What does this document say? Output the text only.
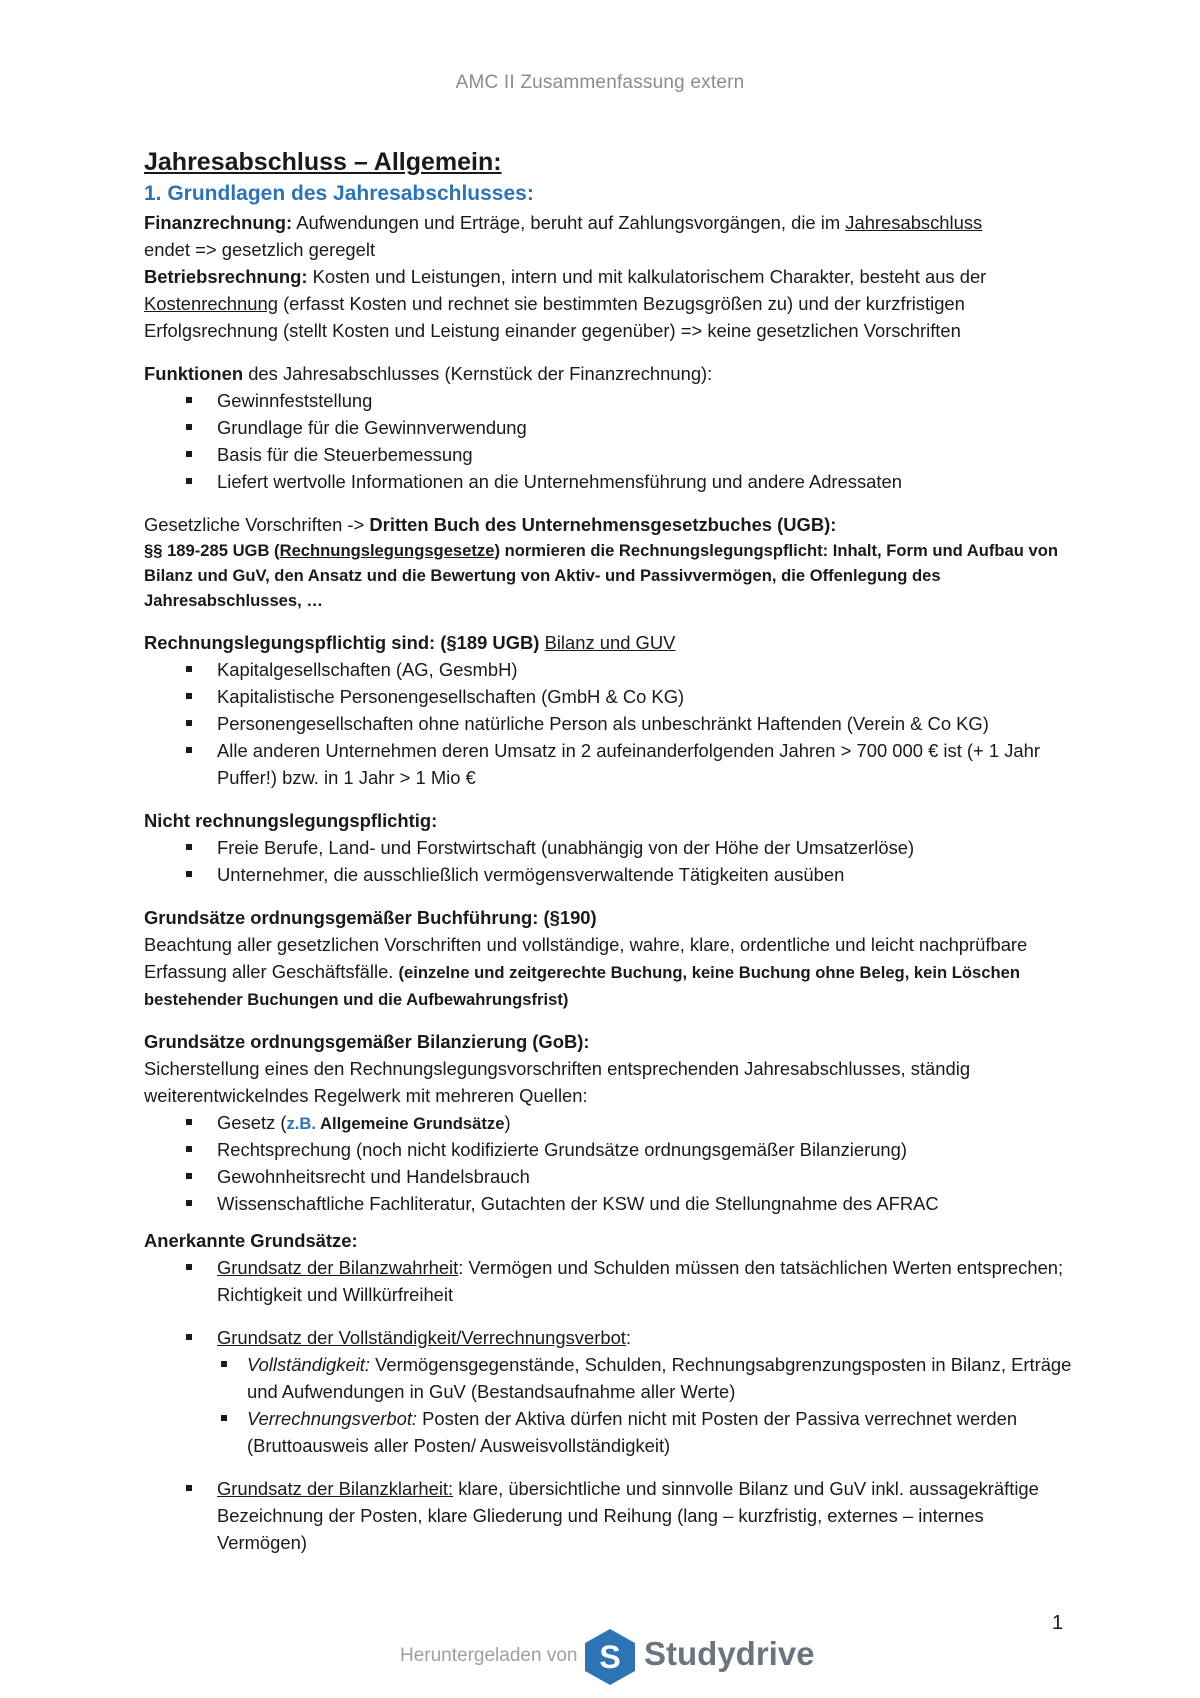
AMC II Zusammenfassung extern
Jahresabschluss – Allgemein:
1. Grundlagen des Jahresabschlusses:

Finanzrechnung: Aufwendungen und Erträge, beruht auf Zahlungsvorgängen, die im Jahresabschluss
endet => gesetzlich geregelt

Betriebsrechnung: Kosten und Leistungen, intern und mit kalkulatorischem Charakter, besteht aus der Kostenrechnung (erfasst Kosten und rechnet sie bestimmten Bezugsgrößen zu) und der kurzfristigen Erfolgsrechnung (stellt Kosten und Leistung einander gegenüber) => keine gesetzlichen Vorschriften

Funktionen des Jahresabschlusses (Kernstück der Finanzrechnung):

Gewinnfeststellung
Grundlage für die Gewinnverwendung
Basis für die Steuerbemessung
Liefert wertvolle Informationen an die Unternehmensführung und andere Adressaten

Gesetzliche Vorschriften -> Dritten Buch des Unternehmensgesetzbuches (UGB):

§§ 189-285 UGB (Rechnungslegungsgesetze) normieren die Rechnungslegungspflicht: Inhalt, Form und Aufbau von Bilanz und GuV, den Ansatz und die Bewertung von Aktiv- und Passivvermögen, die Offenlegung des Jahresabschlusses, …

Rechnungslegungspflichtig sind: (§189 UGB) Bilanz und GUV

Kapitalgesellschaften (AG, GesmbH)
Kapitalistische Personengesellschaften (GmbH & Co KG)
Personengesellschaften ohne natürliche Person als unbeschränkt Haftenden (Verein & Co KG)
Alle anderen Unternehmen deren Umsatz in 2 aufeinanderfolgenden Jahren > 700 000 € ist (+ 1 Jahr Puffer!) bzw. in 1 Jahr > 1 Mio €

Nicht rechnungslegungspflichtig:

Freie Berufe, Land- und Forstwirtschaft (unabhängig von der Höhe der Umsatzerlöse)
Unternehmer, die ausschließlich vermögensverwaltende Tätigkeiten ausüben

Grundsätze ordnungsgemäßer Buchführung: (§190)

Beachtung aller gesetzlichen Vorschriften und vollständige, wahre, klare, ordentliche und leicht nachprüfbare Erfassung aller Geschäftsfälle. (einzelne und zeitgerechte Buchung, keine Buchung ohne Beleg, kein Löschen bestehender Buchungen und die Aufbewahrungsfrist)

Grundsätze ordnungsgemäßer Bilanzierung (GoB):

Sicherstellung eines den Rechnungslegungsvorschriften entsprechenden Jahresabschlusses, ständig weiterentwickelndes Regelwerk mit mehreren Quellen:

Gesetz (z.B. Allgemeine Grundsätze)
Rechtsprechung (noch nicht kodifizierte Grundsätze ordnungsgemäßer Bilanzierung)
Gewohnheitsrecht und Handelsbrauch
Wissenschaftliche Fachliteratur, Gutachten der KSW und die Stellungnahme des AFRAC

Anerkannte Grundsätze:

Grundsatz der Bilanzwahrheit: Vermögen und Schulden müssen den tatsächlichen Werten entsprechen; Richtigkeit und Willkürfreiheit
Grundsatz der Vollständigkeit/Verrechnungsverbot:
Vollständigkeit: Vermögensgegenstände, Schulden, Rechnungsabgrenzungsposten in Bilanz, Erträge und Aufwendungen in GuV (Bestandsaufnahme aller Werte)
Verrechnungsverbot: Posten der Aktiva dürfen nicht mit Posten der Passiva verrechnet werden (Bruttoausweis aller Posten/ Ausweisvollständigkeit)
Grundsatz der Bilanzklarheit: klare, übersichtliche und sinnvolle Bilanz und GuV inkl. aussagekräftige Bezeichnung der Posten, klare Gliederung und Reihung (lang – kurzfristig, externes – internes Vermögen)
1
Heruntergeladen von S Studydrive
